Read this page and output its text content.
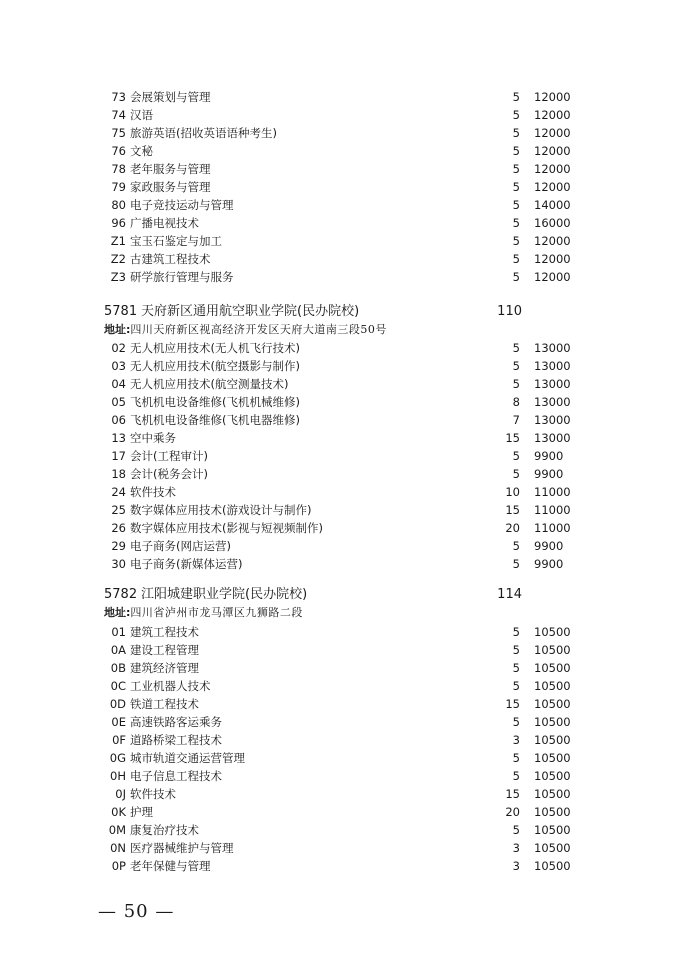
73 会展策划与管理	5 12000
74 汉语	5 12000
75 旅游英语(招收英语语种考生)	5 12000
76 文秘	5 12000
78 老年服务与管理	5 12000
79 家政服务与管理	5 12000
80 电子竞技运动与管理	5 14000
96 广播电视技术	5 16000
Z1 宝玉石鉴定与加工	5 12000
Z2 古建筑工程技术	5 12000
Z3 研学旅行管理与服务	5 12000
5781 天府新区通用航空职业学院(民办院校)	110
地址:四川天府新区视高经济开发区天府大道南三段50号
02 无人机应用技术(无人机飞行技术)	5 13000
03 无人机应用技术(航空摄影与制作)	5 13000
04 无人机应用技术(航空测量技术)	5 13000
05 飞机机电设备维修(飞机机械维修)	8 13000
06 飞机机电设备维修(飞机电器维修)	7 13000
13 空中乘务	15 13000
17 会计(工程审计)	5 9900
18 会计(税务会计)	5 9900
24 软件技术	10 11000
25 数字媒体应用技术(游戏设计与制作)	15 11000
26 数字媒体应用技术(影视与短视频制作)	20 11000
29 电子商务(网店运营)	5 9900
30 电子商务(新媒体运营)	5 9900
5782 江阳城建职业学院(民办院校)	114
地址:四川省泸州市龙马潭区九狮路二段
01 建筑工程技术	5 10500
0A 建设工程管理	5 10500
0B 建筑经济管理	5 10500
0C 工业机器人技术	5 10500
0D 铁道工程技术	15 10500
0E 高速铁路客运乘务	5 10500
0F 道路桥梁工程技术	3 10500
0G 城市轨道交通运营管理	5 10500
0H 电子信息工程技术	5 10500
0J 软件技术	15 10500
0K 护理	20 10500
0M 康复治疗技术	5 10500
0N 医疗器械维护与管理	3 10500
0P 老年保健与管理	3 10500
— 50 —
